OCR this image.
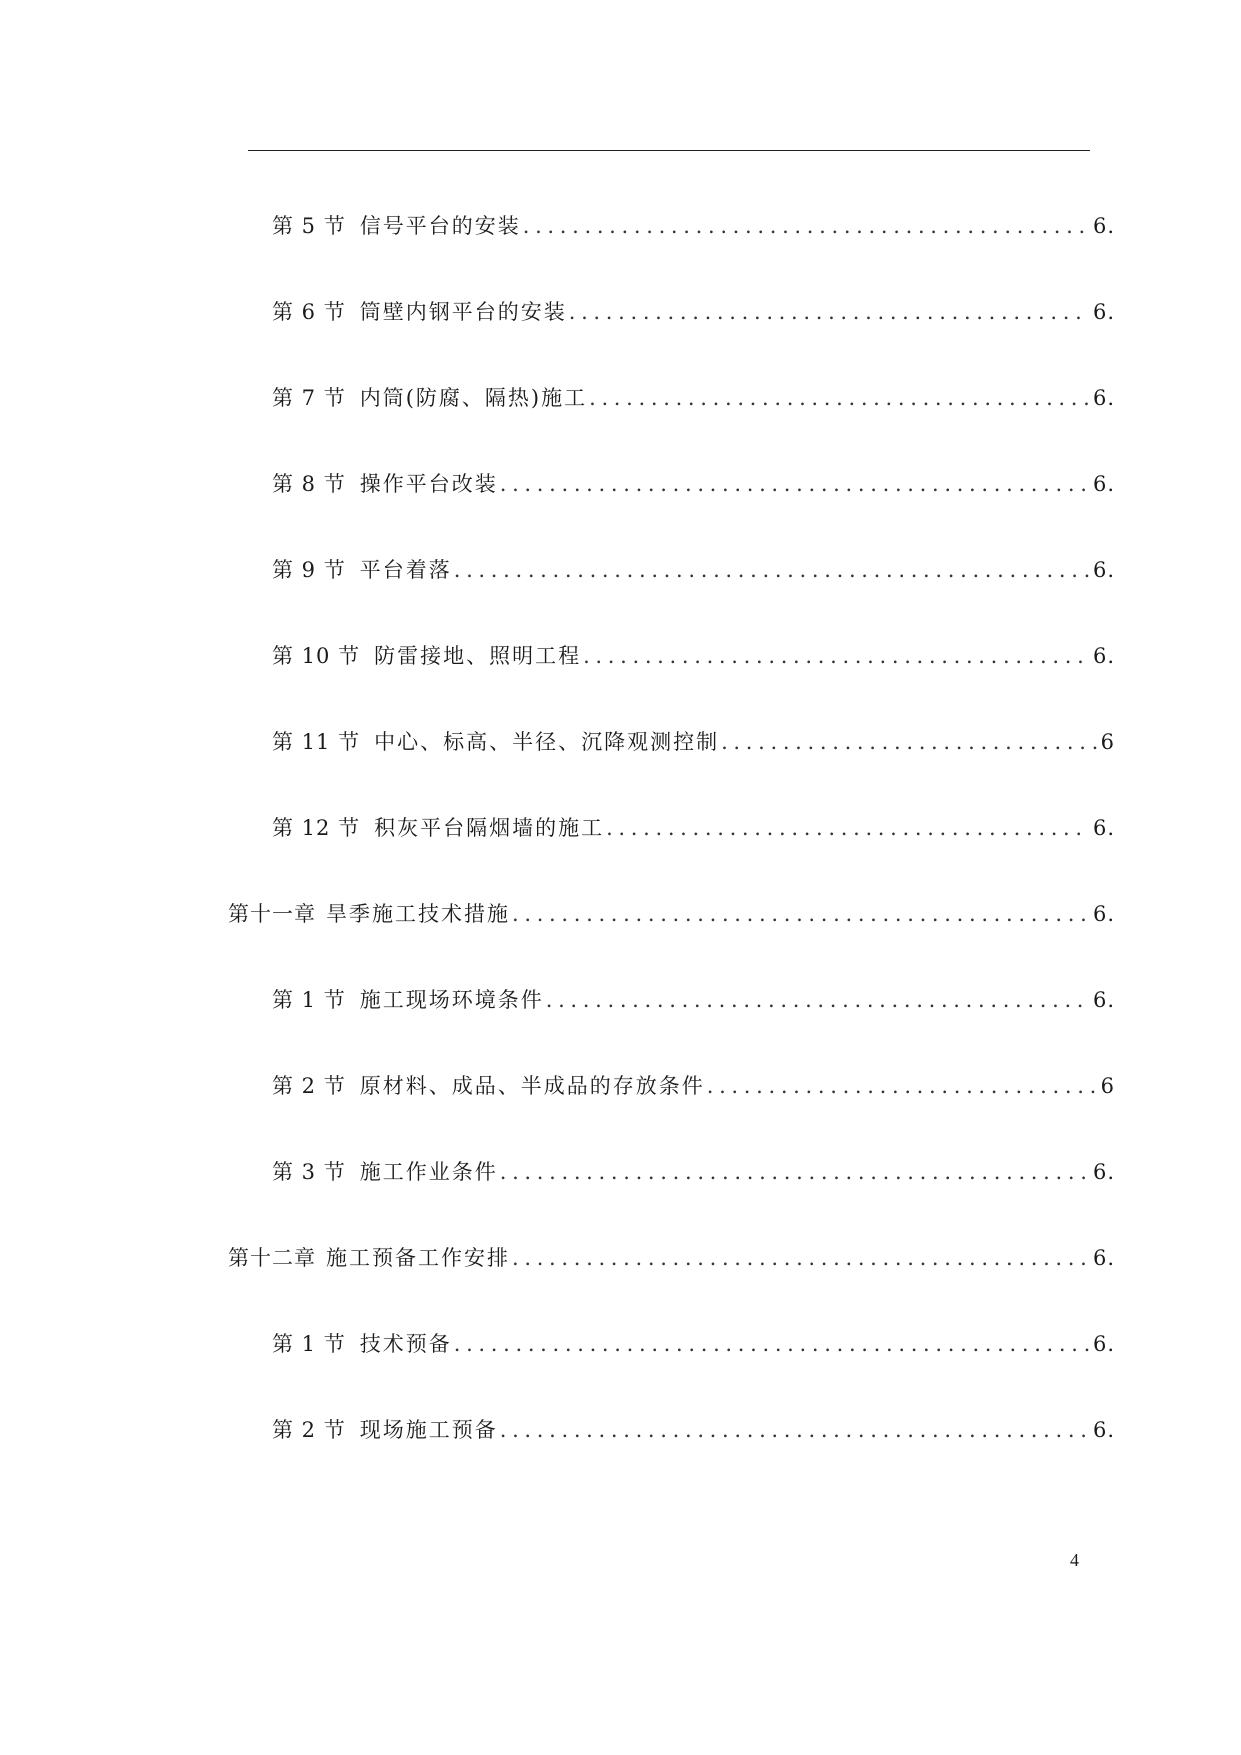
第 5 节 信号平台的安装 . . .	6.
第 6 节 筒壁内钢平台的安装 . . .	6.
第 7 节 内筒(防腐、隔热)施工 . . .	6.
第 8 节 操作平台改装 . . .	6.
第 9 节 平台着落 . . .	6.
第 10 节 防雷接地、照明工程 . . .	6.
第 11 节 中心、标高、半径、沉降观测控制 . . .	6
第 12 节 积灰平台隔烟墙的施工 . . .	6.
第十一章 旱季施工技术措施 . . .	6.
第 1 节 施工现场环境条件 . . .	6.
第 2 节 原材料、成品、半成品的存放条件 . . .	6
第 3 节 施工作业条件 . . .	6.
第十二章 施工预备工作安排 . . .	6.
第 1 节 技术预备 . . .	6.
第 2 节 现场施工预备 . . .	6.
4
